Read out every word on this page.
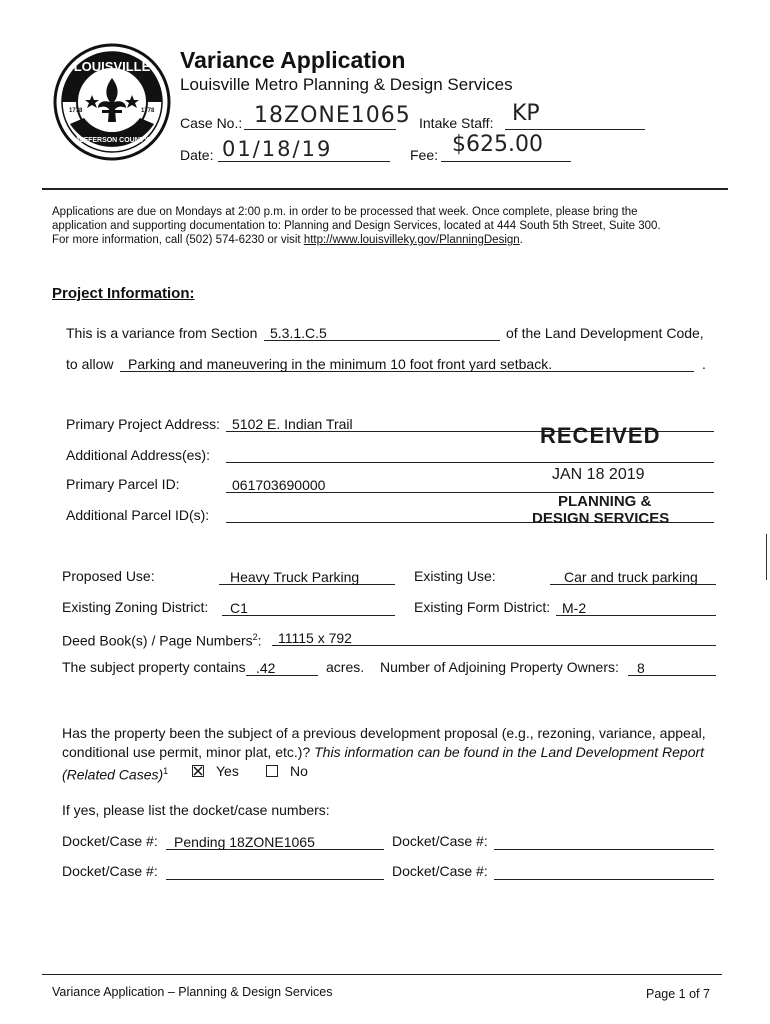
LOUISVILLE
JEFFERSON COUNTY
1778	1778
Variance Application
Louisville Metro Planning & Design Services
Case No.: 18ZONE1065 Intake Staff: KP
Date: 01/18/19	Fee: $625.00
Applications are due on Mondays at 2:00 p.m. in order to be processed that week. Once complete, please bring the
application and supporting documentation to: Planning and Design Services, located at 444 South 5th Street, Suite 300.
For more information, call (502) 574-6230 or visit http://www.louisvilleky.gov/PlanningDesign.
Project Information:
This is a variance from Section 5.3.1.C.5	of the Land Development Code,
to allow Parking and maneuvering in the minimum 10 foot front yard setback.	.
Primary Project Address: 5102 E. Indian Trail
Additional Address(es):
Primary Parcel ID:	061703690000
Additional Parcel ID(s):
RECEIVED
JAN 18 2019
PLANNING &
DESIGN SERVICES
Proposed Use:	Heavy Truck Parking	Existing Use:	Car and truck parking
Existing Zoning District: C1	Existing Form District: M-2
Deed Book(s) / Page Numbers$^2$: 11115 x 792
The subject property contains .42	acres. Number of Adjoining Property Owners: 8
Has the property been the subject of a previous development proposal (e.g., rezoning, variance, appeal,
conditional use permit, minor plat, etc.)? This information can be found in the Land Development Report
(Related Cases)$^1$	Yes	No
If yes, please list the docket/case numbers:
Docket/Case #: Pending 18ZONE1065	Docket/Case #:
Docket/Case #:	Docket/Case #:
Variance Application – Planning & Design Services	Page 1 of 7
